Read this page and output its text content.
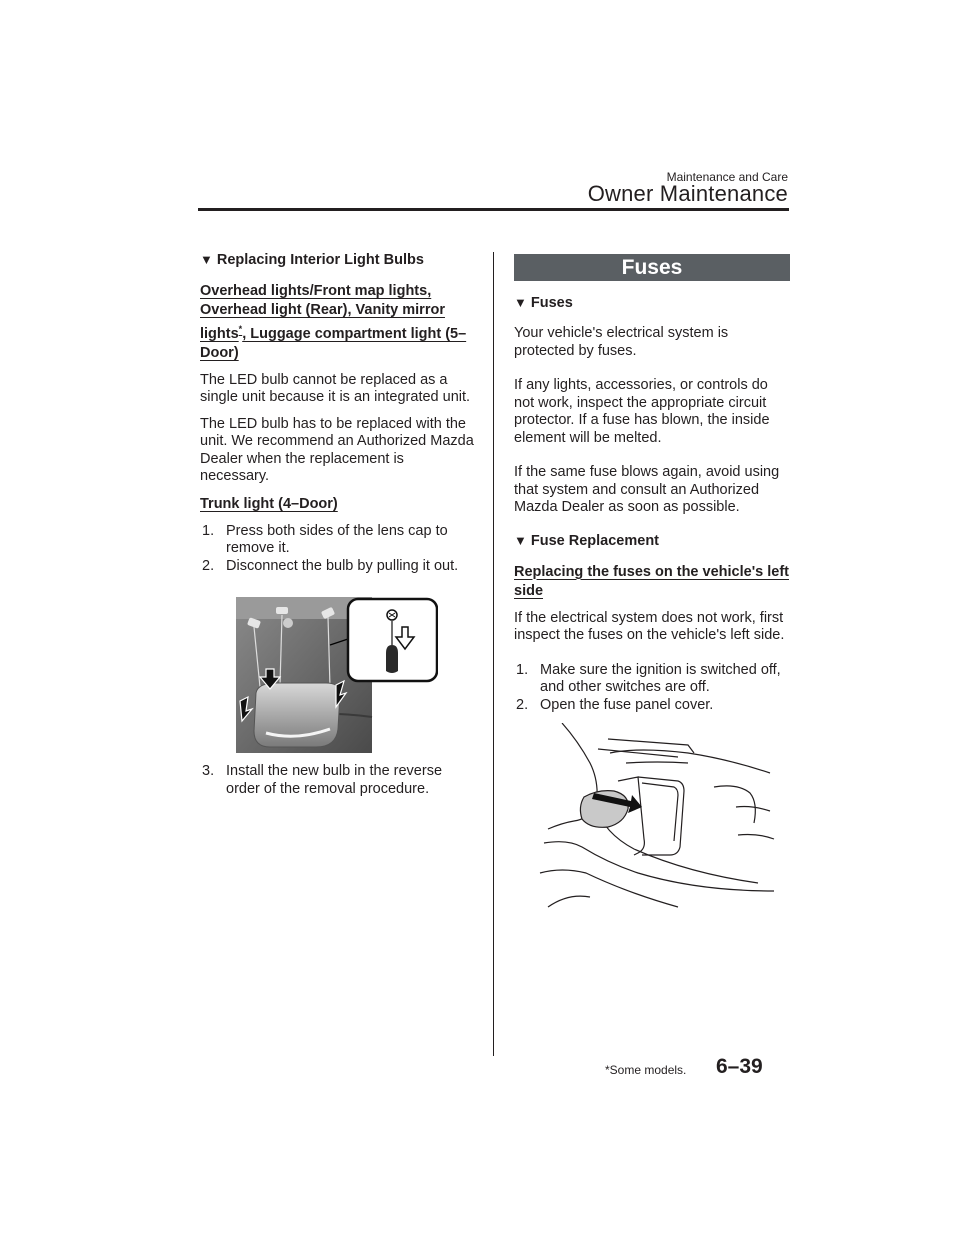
Maintenance and Care
Owner Maintenance
▼ Replacing Interior Light Bulbs
Overhead lights/Front map lights, Overhead light (Rear), Vanity mirror lights*, Luggage compartment light (5–Door)

The LED bulb cannot be replaced as a single unit because it is an integrated unit.

The LED bulb has to be replaced with the unit. We recommend an Authorized Mazda Dealer when the replacement is necessary.

Trunk light (4–Door)
1. Press both sides of the lens cap to remove it.
2. Disconnect the bulb by pulling it out.
3. Install the new bulb in the reverse order of the removal procedure.
Fuses
▼ Fuses

Your vehicle's electrical system is protected by fuses.

If any lights, accessories, or controls do not work, inspect the appropriate circuit protector. If a fuse has blown, the inside element will be melted.

If the same fuse blows again, avoid using that system and consult an Authorized Mazda Dealer as soon as possible.

▼ Fuse Replacement
Replacing the fuses on the vehicle's left side

If the electrical system does not work, first inspect the fuses on the vehicle's left side.

1. Make sure the ignition is switched off, and other switches are off.
2. Open the fuse panel cover.
*Some models. 6–39
